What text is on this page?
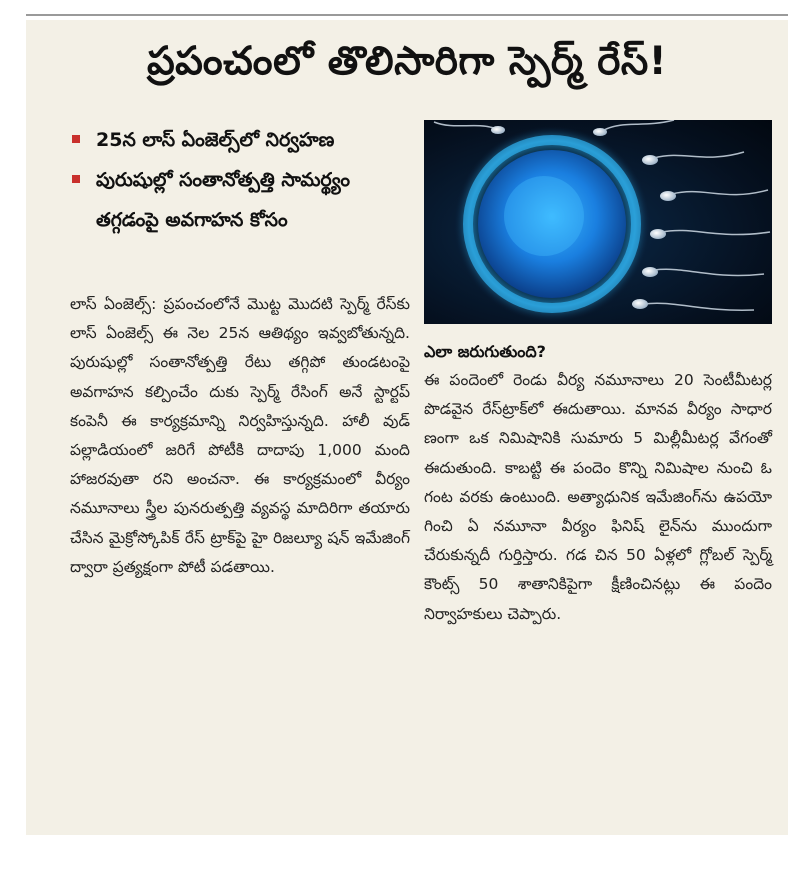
ప్రపంచంలో తొలిసారిగా స్పెర్మ్ రేస్!
25న లాస్ ఏంజెల్స్‌లో నిర్వహణ
పురుషుల్లో సంతానోత్పత్తి సామర్థ్యం తగ్గడంపై అవగాహన కోసం

లాస్ ఏంజెల్స్: ప్రపంచంలోనే మొట్ట మొదటి స్పెర్మ్ రేస్‌కు లాస్ ఏంజెల్స్ ఈ నెల 25న ఆతిథ్యం ఇవ్వబోతున్నది. పురుషుల్లో సంతానోత్పత్తి రేటు తగ్గిపో తుండటంపై అవగాహన కల్పించేం దుకు స్పెర్మ్ రేసింగ్ అనే స్టార్టప్ కంపెనీ ఈ కార్యక్రమాన్ని నిర్వహిస్తున్నది. హాలీ వుడ్ పల్లాడియంలో జరిగే పోటీకి దాదాపు 1,000 మంది హాజరవుతా రని అంచనా. ఈ కార్యక్రమంలో వీర్యం నమూనాలు స్త్రీల పునరుత్పత్తి వ్యవస్థ మాదిరిగా తయారు చేసిన మైక్రోస్కోపిక్ రేస్ ట్రాక్‌పై హై రిజల్యూ షన్ ఇమేజింగ్ ద్వారా ప్రత్యక్షంగా పోటీ పడతాయి.

ఎలా జరుగుతుంది?

ఈ పందెంలో రెండు వీర్య నమూనాలు 20 సెంటీమీటర్ల పొడవైన రేస్‌ట్రాక్‌లో ఈదుతాయి. మానవ వీర్యం సాధార ణంగా ఒక నిమిషానికి సుమారు 5 మిల్లీమీటర్ల వేగంతో ఈదుతుంది. కాబట్టి ఈ పందెం కొన్ని నిమిషాల నుంచి ఓ గంట వరకు ఉంటుంది. అత్యాధునిక ఇమేజింగ్‌ను ఉపయో గించి ఏ నమూనా వీర్యం ఫినిష్ లైన్‌ను ముందుగా చేరుకున్నదీ గుర్తిస్తారు. గడ చిన 50 ఏళ్లలో గ్లోబల్ స్పెర్మ్ కౌంట్స్ 50 శాతానికిపైగా క్షీణించినట్లు ఈ పందెం నిర్వాహకులు చెప్పారు.
